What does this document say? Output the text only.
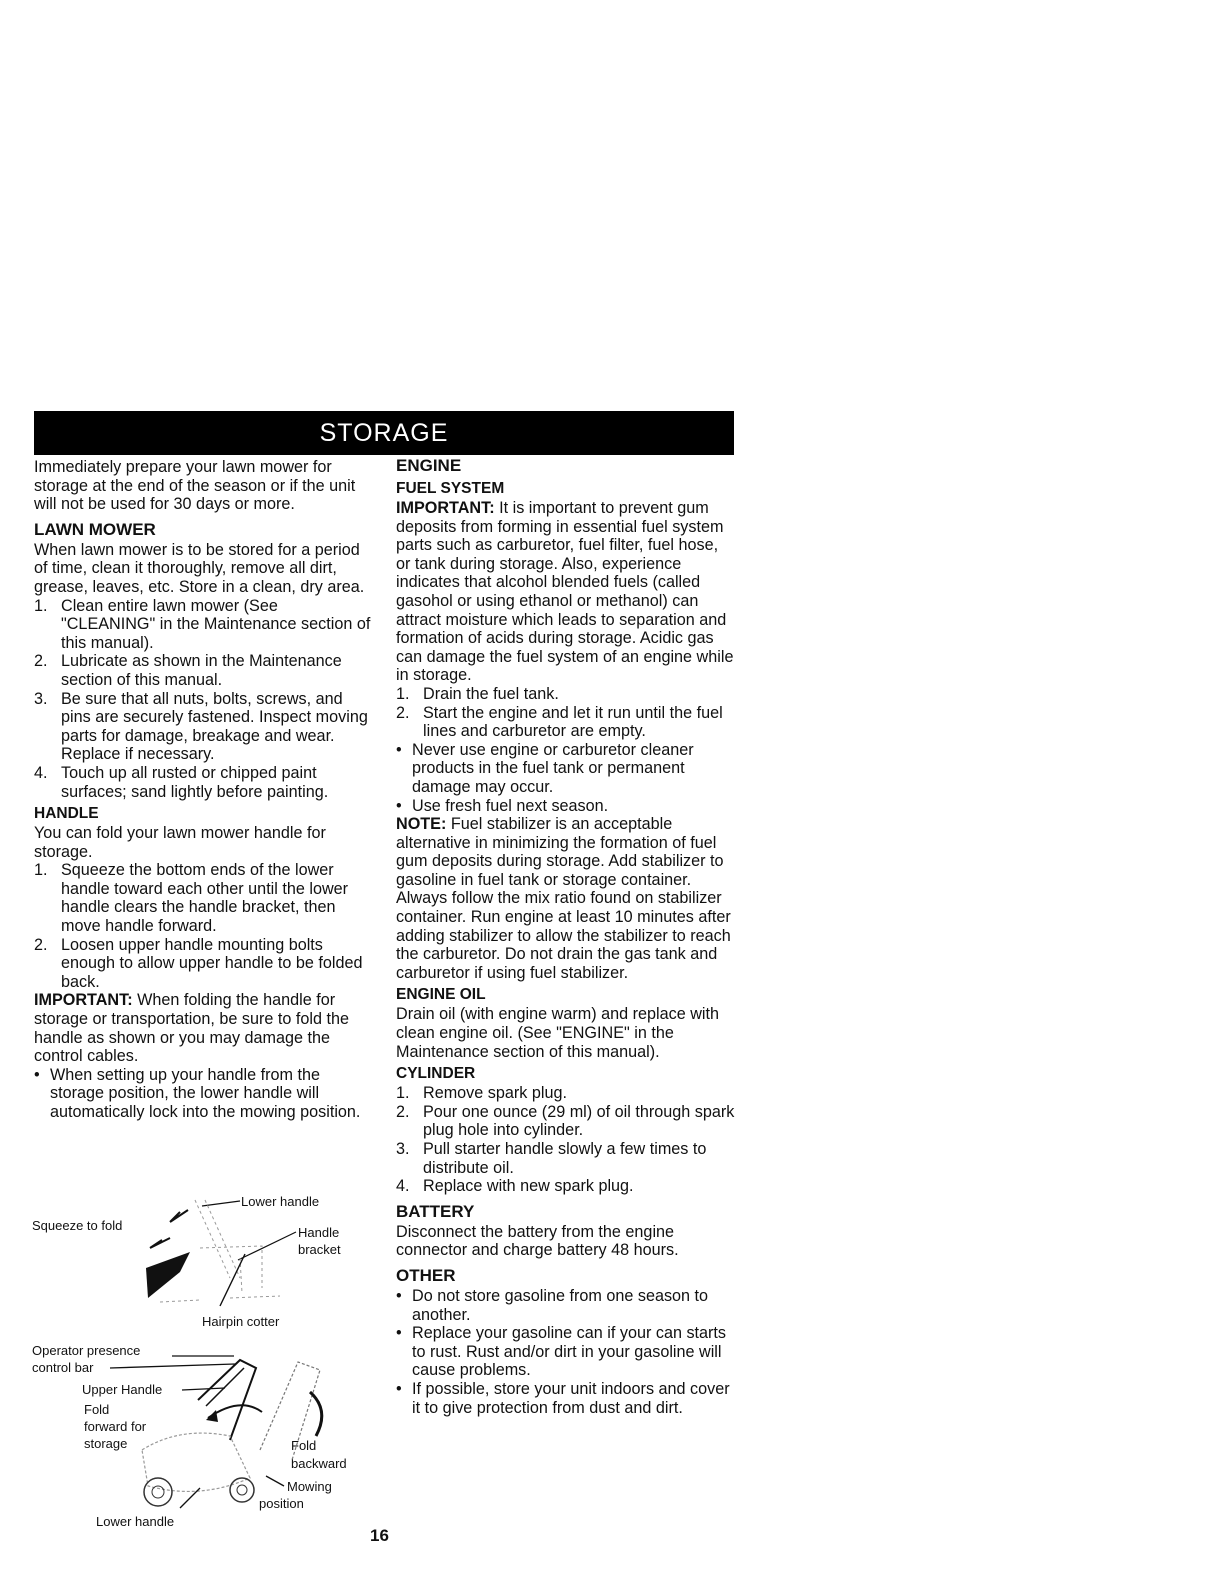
STORAGE

Immediately prepare your lawn mower for storage at the end of the season or if the unit will not be used for 30 days or more.

LAWN MOWER

When lawn mower is to be stored for a period of time, clean it thoroughly, remove all dirt, grease, leaves, etc. Store in a clean, dry area.

1. Clean entire lawn mower (See "CLEANING" in the Maintenance section of this manual).
2. Lubricate as shown in the Maintenance section of this manual.
3. Be sure that all nuts, bolts, screws, and pins are securely fastened. Inspect moving parts for damage, breakage and wear. Replace if necessary.
4. Touch up all rusted or chipped paint surfaces; sand lightly before painting.
HANDLE

You can fold your lawn mower handle for storage.

1. Squeeze the bottom ends of the lower handle toward each other until the lower handle clears the handle bracket, then move handle forward.
2. Loosen upper handle mounting bolts enough to allow upper handle to be folded back.

IMPORTANT: When folding the handle for storage or transportation, be sure to fold the handle as shown or you may damage the control cables.

• When setting up your handle from the storage position, the lower handle will automatically lock into the mowing position.
Lower handle
Squeeze to fold	Handle
bracket
Hairpin cotter
Operator presence
control bar
Upper Handle
Fold
forward for
storage	Fold
backward
Mowing
position
Lower handle
ENGINE
FUEL SYSTEM

IMPORTANT: It is important to prevent gum deposits from forming in essential fuel system parts such as carburetor, fuel filter, fuel hose, or tank during storage. Also, experience indicates that alcohol blended fuels (called gasohol or using ethanol or methanol) can attract moisture which leads to separation and formation of acids during storage. Acidic gas can damage the fuel system of an engine while in storage.

1. Drain the fuel tank.
2. Start the engine and let it run until the fuel lines and carburetor are empty.
• Never use engine or carburetor cleaner products in the fuel tank or permanent damage may occur.
• Use fresh fuel next season.

NOTE: Fuel stabilizer is an acceptable alternative in minimizing the formation of fuel gum deposits during storage. Add stabilizer to gasoline in fuel tank or storage container. Always follow the mix ratio found on stabilizer container. Run engine at least 10 minutes after adding stabilizer to allow the stabilizer to reach the carburetor. Do not drain the gas tank and carburetor if using fuel stabilizer.

ENGINE OIL

Drain oil (with engine warm) and replace with clean engine oil. (See "ENGINE" in the Maintenance section of this manual).

CYLINDER
1. Remove spark plug.
2. Pour one ounce (29 ml) of oil through spark plug hole into cylinder.
3. Pull starter handle slowly a few times to distribute oil.
4. Replace with new spark plug.
BATTERY

Disconnect the battery from the engine connector and charge battery 48 hours.

OTHER
• Do not store gasoline from one season to another.
• Replace your gasoline can if your can starts to rust. Rust and/or dirt in your gasoline will cause problems.
• If possible, store your unit indoors and cover it to give protection from dust and dirt.
16
